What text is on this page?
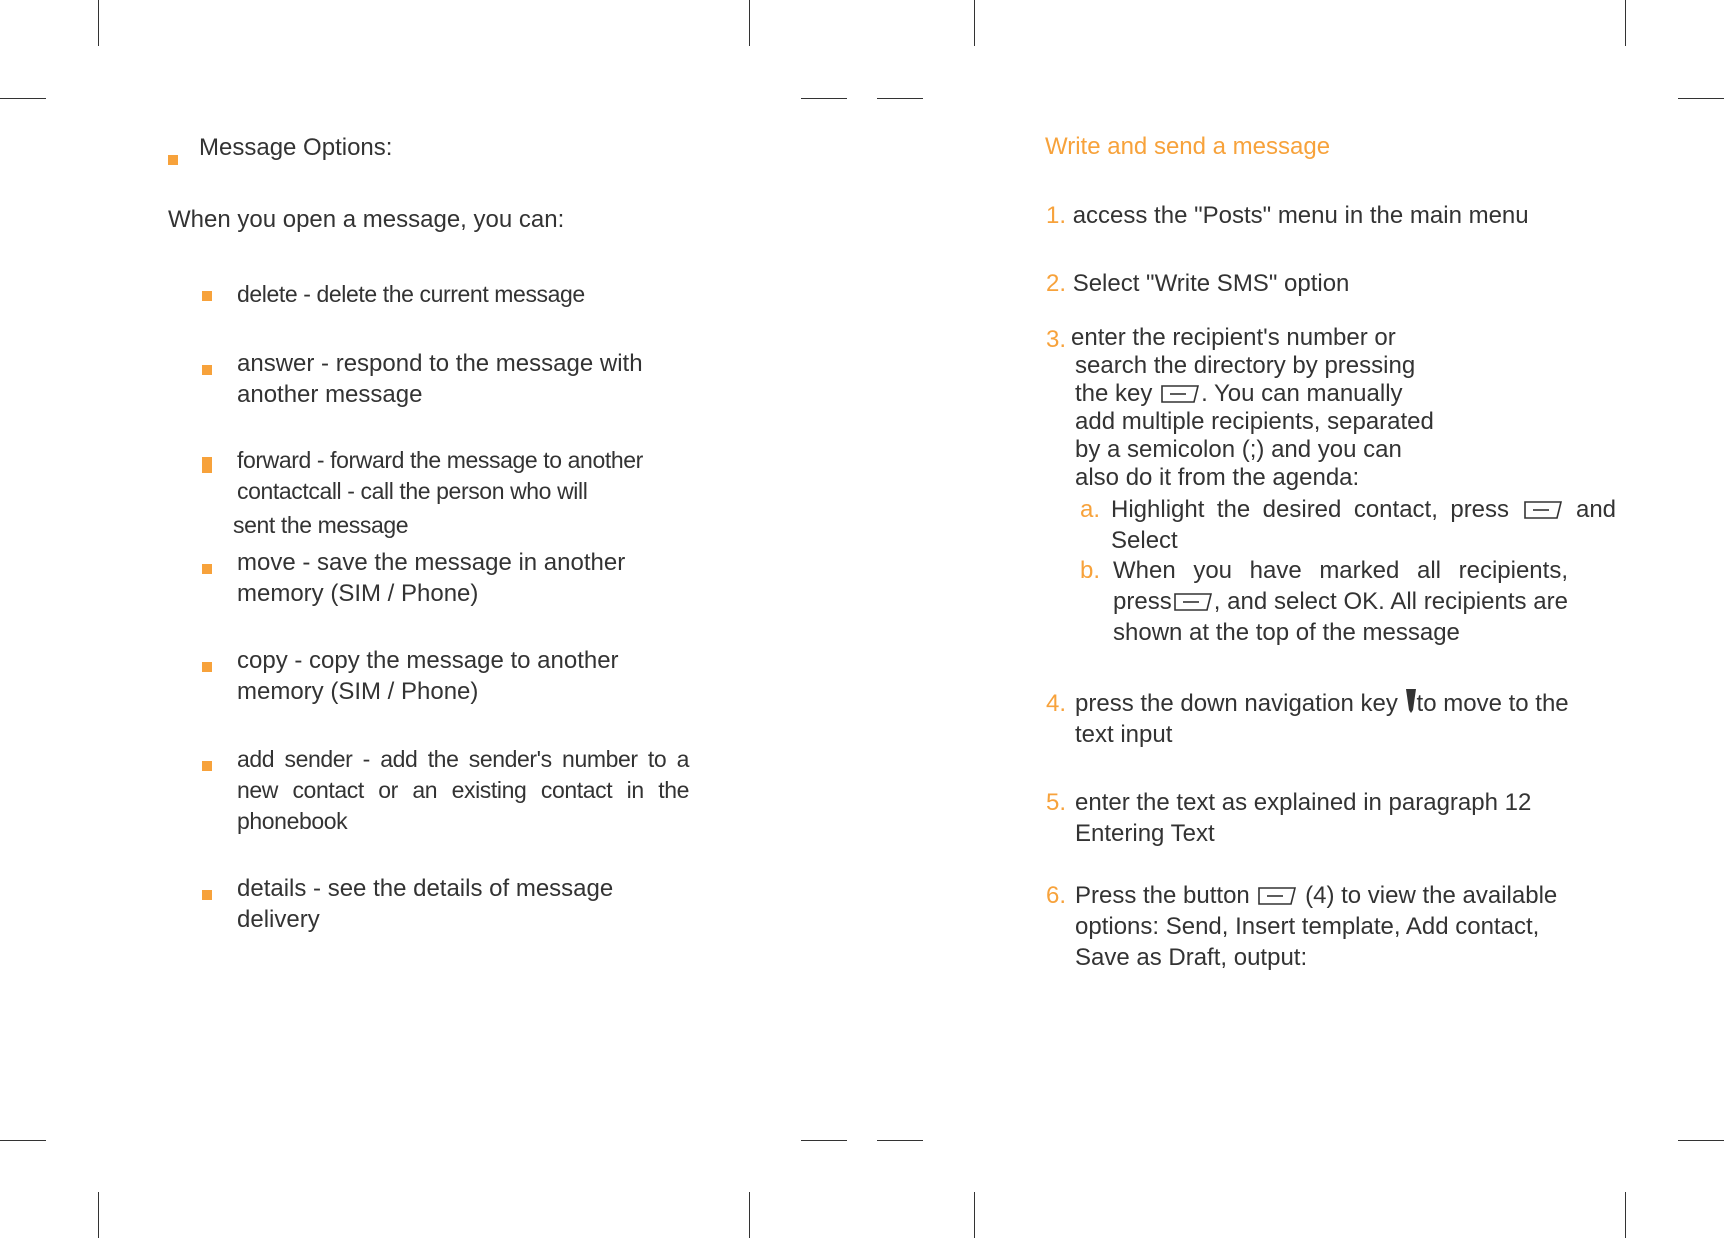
Message Options:

When you open a message, you can:

delete - delete the current message

answer - respond to the message with another message

forward - forward the message to another contactcall - call the person who will

sent the message

move - save the message in another memory (SIM / Phone)

copy - copy the message to another memory (SIM / Phone)

add sender - add the sender's number to a new contact or an existing contact in the phonebook

details - see the details of message delivery

Write and send a message

1. access the "Posts" menu in the main menu

2. Select "Write SMS" option

3. enter the recipient's number or search the directory by pressing the key . You can manually add multiple recipients, separated by a semicolon (;) and you can also do it from the agenda:

a. Highlight the desired contact, press	and Select

b. When you have marked all recipients, press , and select OK. All recipients are shown at the top of the message

4. press the down navigation key to move to the text input

5. enter the text as explained in paragraph 12 Entering Text

6. Press the button (4) to view the available options: Send, Insert template, Add contact, Save as Draft, output:
